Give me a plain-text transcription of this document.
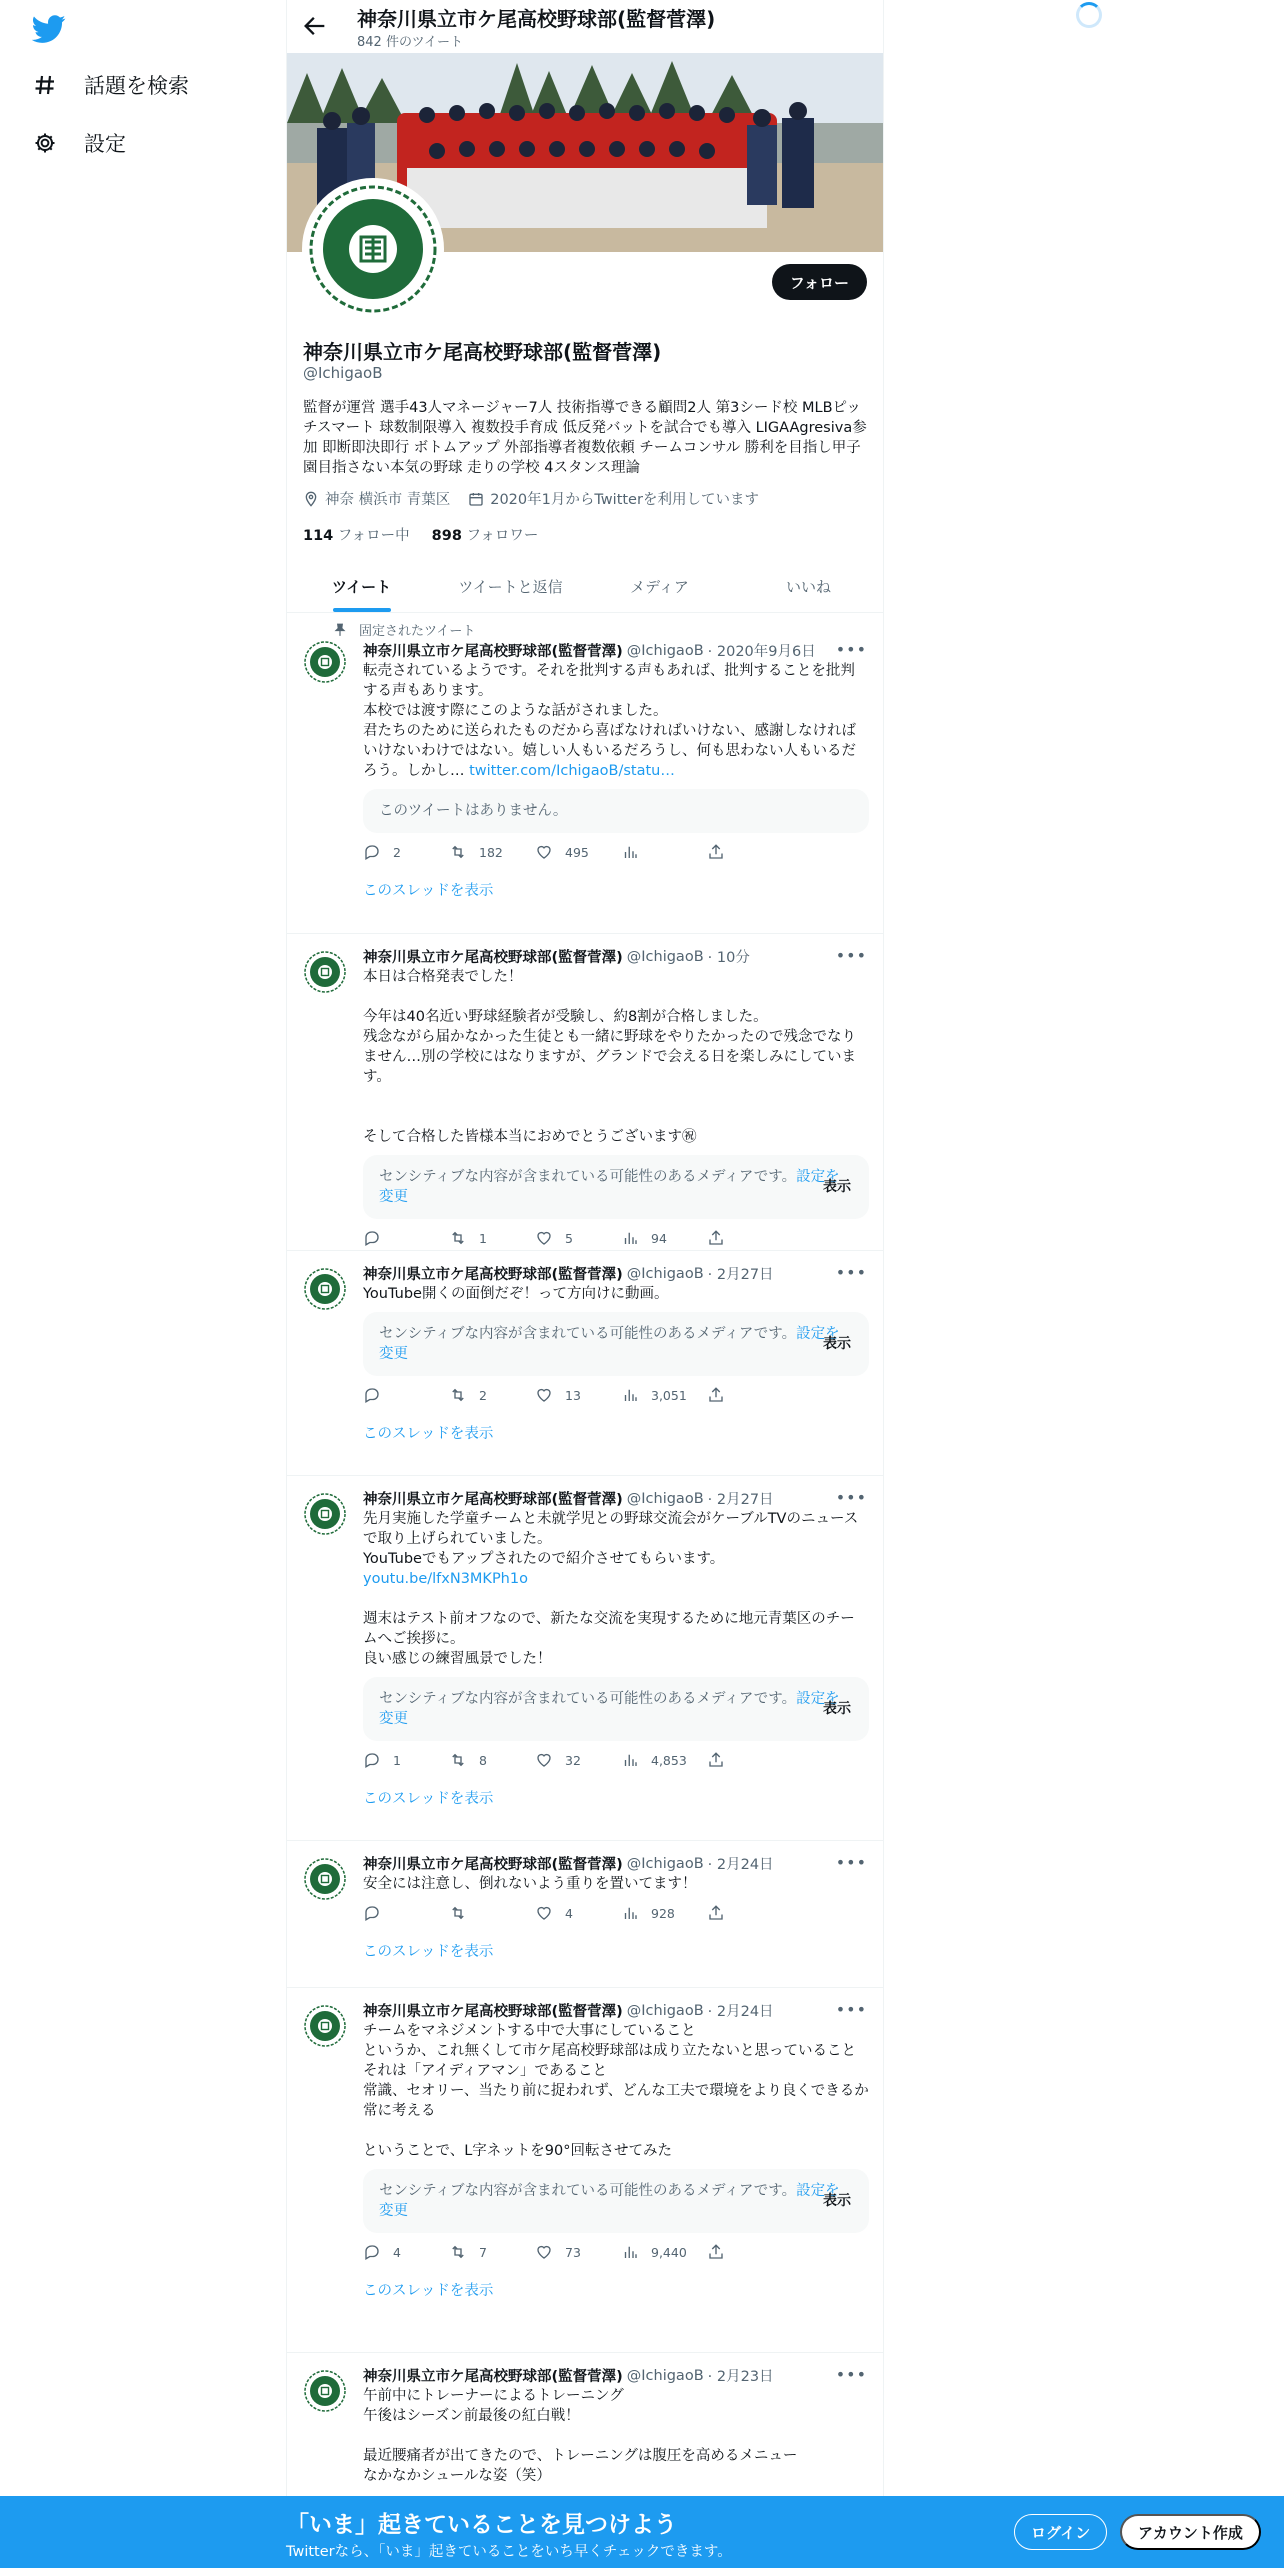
話題を検索
設定
神奈川県立市ケ尾高校野球部(監督菅澤)
842 件のツイート
フォロー
神奈川県立市ケ尾高校野球部(監督菅澤)
@IchigaoB
監督が運営 選手43人マネージャー7人 技術指導できる顧問2人 第3シード校 MLBピッチスマート 球数制限導入 複数投手育成 低反発バットを試合でも導入 LIGAAgresiva参加 即断即決即行 ボトムアップ 外部指導者複数依頼 チームコンサル 勝利を目指し甲子園目指さない本気の野球 走りの学校 4スタンス理論
神奈 横浜市 青葉区	2020年1月からTwitterを利用しています
114 フォロー中 898 フォロワー
ツイート	ツイートと返信	メディア	いいね
固定されたツイート
•••
神奈川県立市ケ尾高校野球部(監督菅澤) @IchigaoB · 2020年9月6日
転売されているようです。それを批判する声もあれば、批判することを批判する声もあります。
本校では渡す際にこのような話がされました。
君たちのために送られたものだから喜ばなければいけない、感謝しなければいけないわけではない。嬉しい人もいるだろうし、何も思わない人もいるだろう。しかし… twitter.com/IchigaoB/statu…
このツイートはありません。
2	182	495
このスレッドを表示
•••
神奈川県立市ケ尾高校野球部(監督菅澤) @IchigaoB · 10分
本日は合格発表でした！

今年は40名近い野球経験者が受験し、約8割が合格しました。
残念ながら届かなかった生徒とも一緒に野球をやりたかったので残念でなりません…別の学校にはなりますが、グランドで会える日を楽しみにしています。

そして合格した皆様本当におめでとうございます㊗
センシティブな内容が含まれている可能性のあるメディアです。設定を変更
表示
1	5	94
•••
神奈川県立市ケ尾高校野球部(監督菅澤) @IchigaoB · 2月27日
YouTube開くの面倒だぞ！って方向けに動画。
センシティブな内容が含まれている可能性のあるメディアです。設定を変更
表示
2	13	3,051
このスレッドを表示
•••
神奈川県立市ケ尾高校野球部(監督菅澤) @IchigaoB · 2月27日
先月実施した学童チームと未就学児との野球交流会がケーブルTVのニュースで取り上げられていました。
YouTubeでもアップされたので紹介させてもらいます。
youtu.be/lfxN3MKPh1o
週末はテスト前オフなので、新たな交流を実現するために地元青葉区のチームへご挨拶に。
良い感じの練習風景でした！
センシティブな内容が含まれている可能性のあるメディアです。設定を変更
表示
1	8	32	4,853
このスレッドを表示
•••
神奈川県立市ケ尾高校野球部(監督菅澤) @IchigaoB · 2月24日
安全には注意し、倒れないよう重りを置いてます！
4	928
このスレッドを表示
•••
神奈川県立市ケ尾高校野球部(監督菅澤) @IchigaoB · 2月24日
チームをマネジメントする中で大事にしていること
というか、これ無くして市ケ尾高校野球部は成り立たないと思っていること
それは「アイディアマン」であること
常識、セオリー、当たり前に捉われず、どんな工夫で環境をより良くできるか常に考える

ということで、L字ネットを90°回転させてみた
センシティブな内容が含まれている可能性のあるメディアです。設定を変更
表示
4	7	73	9,440
このスレッドを表示
•••
神奈川県立市ケ尾高校野球部(監督菅澤) @IchigaoB · 2月23日
午前中にトレーナーによるトレーニング
午後はシーズン前最後の紅白戦！

最近腰痛者が出てきたので、トレーニングは腹圧を高めるメニュー
なかなかシュールな姿（笑）
「いま」起きていることを見つけよう
Twitterなら、「いま」起きていることをいち早くチェックできます。
ログイン	アカウント作成
